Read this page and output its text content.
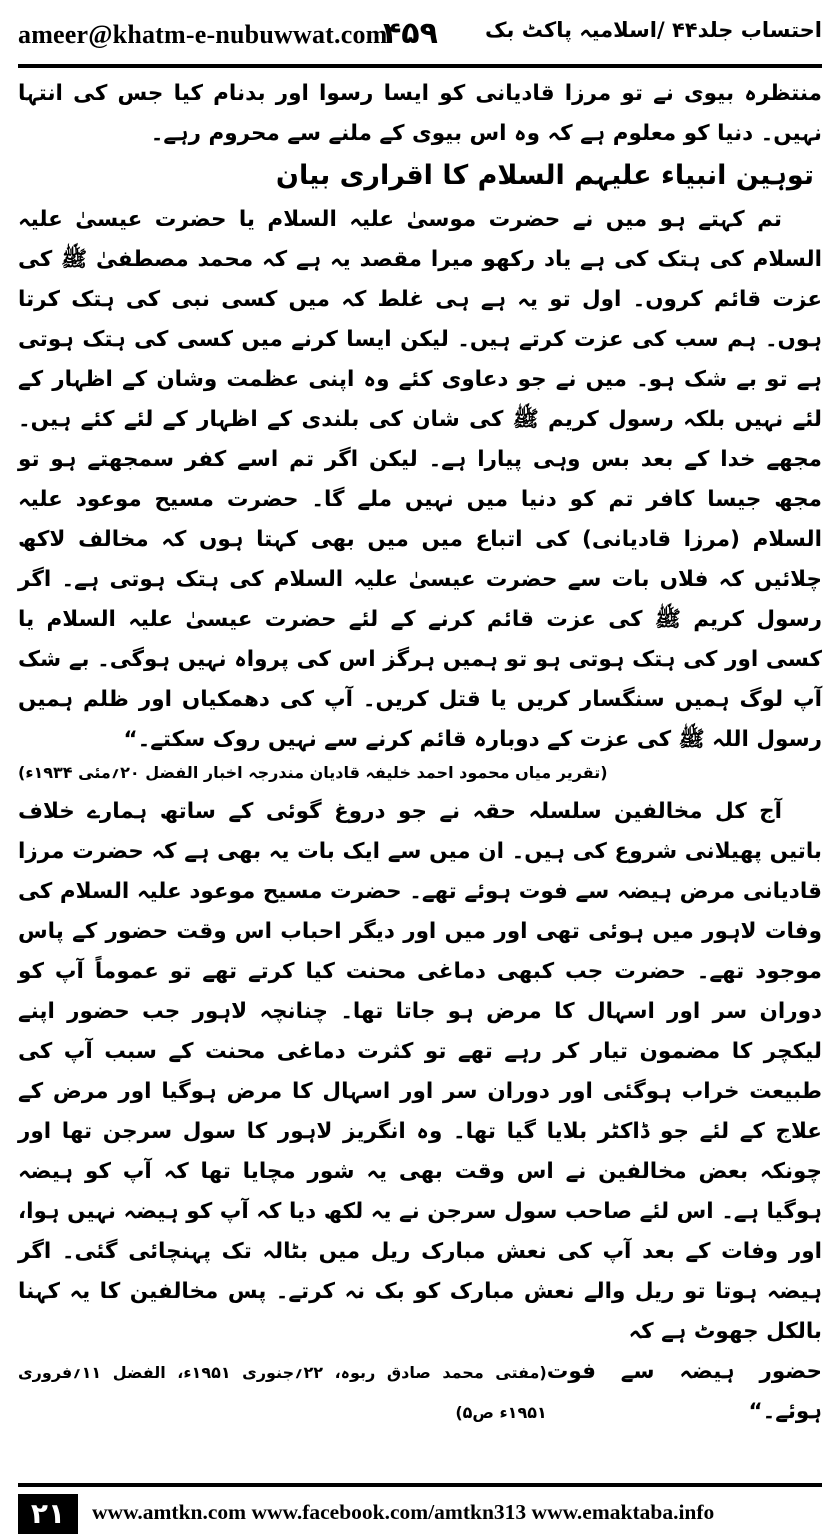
ameer@khatm-e-nubuwwat.com
۴۵۹ احتساب جلد۴۴ /اسلامیہ پاکٹ بک

منتظرہ بیوی نے تو مرزا قادیانی کو ایسا رسوا اور بدنام کیا جس کی انتہا نہیں۔ دنیا کو معلوم ہے کہ وہ اس بیوی کے ملنے سے محروم رہے۔

توہین انبیاء علیہم السلام کا اقراری بیان

تم کہتے ہو میں نے حضرت موسیٰ علیہ السلام یا حضرت عیسیٰ علیہ السلام کی ہتک کی ہے یاد رکھو میرا مقصد یہ ہے کہ محمد مصطفیٰ ﷺ کی عزت قائم کروں۔ اول تو یہ ہے ہی غلط کہ میں کسی نبی کی ہتک کرتا ہوں۔ ہم سب کی عزت کرتے ہیں۔ لیکن ایسا کرنے میں کسی کی ہتک ہوتی ہے تو بے شک ہو۔ میں نے جو دعاوی کئے وہ اپنی عظمت وشان کے اظہار کے لئے نہیں بلکہ رسول کریم ﷺ کی شان کی بلندی کے اظہار کے لئے کئے ہیں۔ مجھے خدا کے بعد بس وہی پیارا ہے۔ لیکن اگر تم اسے کفر سمجھتے ہو تو مجھ جیسا کافر تم کو دنیا میں نہیں ملے گا۔ حضرت مسیح موعود علیہ السلام (مرزا قادیانی) کی اتباع میں میں بھی کہتا ہوں کہ مخالف لاکھ چلائیں کہ فلاں بات سے حضرت عیسیٰ علیہ السلام کی ہتک ہوتی ہے۔ اگر رسول کریم ﷺ کی عزت قائم کرنے کے لئے حضرت عیسیٰ علیہ السلام یا کسی اور کی ہتک ہوتی ہو تو ہمیں ہرگز اس کی پرواہ نہیں ہوگی۔ بے شک آپ لوگ ہمیں سنگسار کریں یا قتل کریں۔ آپ کی دھمکیاں اور ظلم ہمیں رسول اللہ ﷺ کی عزت کے دوبارہ قائم کرنے سے نہیں روک سکتے۔“

(تقریر میاں محمود احمد خلیفہ قادیان مندرجہ اخبار الفضل ۲۰؍مئی ۱۹۳۴ء)

آج کل مخالفین سلسلہ حقہ نے جو دروغ گوئی کے ساتھ ہمارے خلاف باتیں پھیلانی شروع کی ہیں۔ ان میں سے ایک بات یہ بھی ہے کہ حضرت مرزا قادیانی مرض ہیضہ سے فوت ہوئے تھے۔ حضرت مسیح موعود علیہ السلام کی وفات لاہور میں ہوئی تھی اور میں اور دیگر احباب اس وقت حضور کے پاس موجود تھے۔ حضرت جب کبھی دماغی محنت کیا کرتے تھے تو عموماً آپ کو دوران سر اور اسہال کا مرض ہو جاتا تھا۔ چنانچہ لاہور جب حضور اپنے لیکچر کا مضمون تیار کر رہے تھے تو کثرت دماغی محنت کے سبب آپ کی طبیعت خراب ہوگئی اور دوران سر اور اسہال کا مرض ہوگیا اور مرض کے علاج کے لئے جو ڈاکٹر بلایا گیا تھا۔ وہ انگریز لاہور کا سول سرجن تھا اور چونکہ بعض مخالفین نے اس وقت بھی یہ شور مچایا تھا کہ آپ کو ہیضہ ہوگیا ہے۔ اس لئے صاحب سول سرجن نے یہ لکھ دیا کہ آپ کو ہیضہ نہیں ہوا، اور وفات کے بعد آپ کی نعش مبارک ریل میں بٹالہ تک پہنچائی گئی۔ اگر ہیضہ ہوتا تو ریل والے نعش مبارک کو بک نہ کرتے۔ پس مخالفین کا یہ کہنا بالکل جھوٹ ہے کہ

حضور ہیضہ سے فوت ہوئے۔“
(مفتی محمد صادق ربوہ، ۲۲؍جنوری ۱۹۵۱ء، الفضل ۱۱؍فروری ۱۹۵۱ء ص۵)
۲۱	www.amtkn.com www.facebook.com/amtkn313 www.emaktaba.info
